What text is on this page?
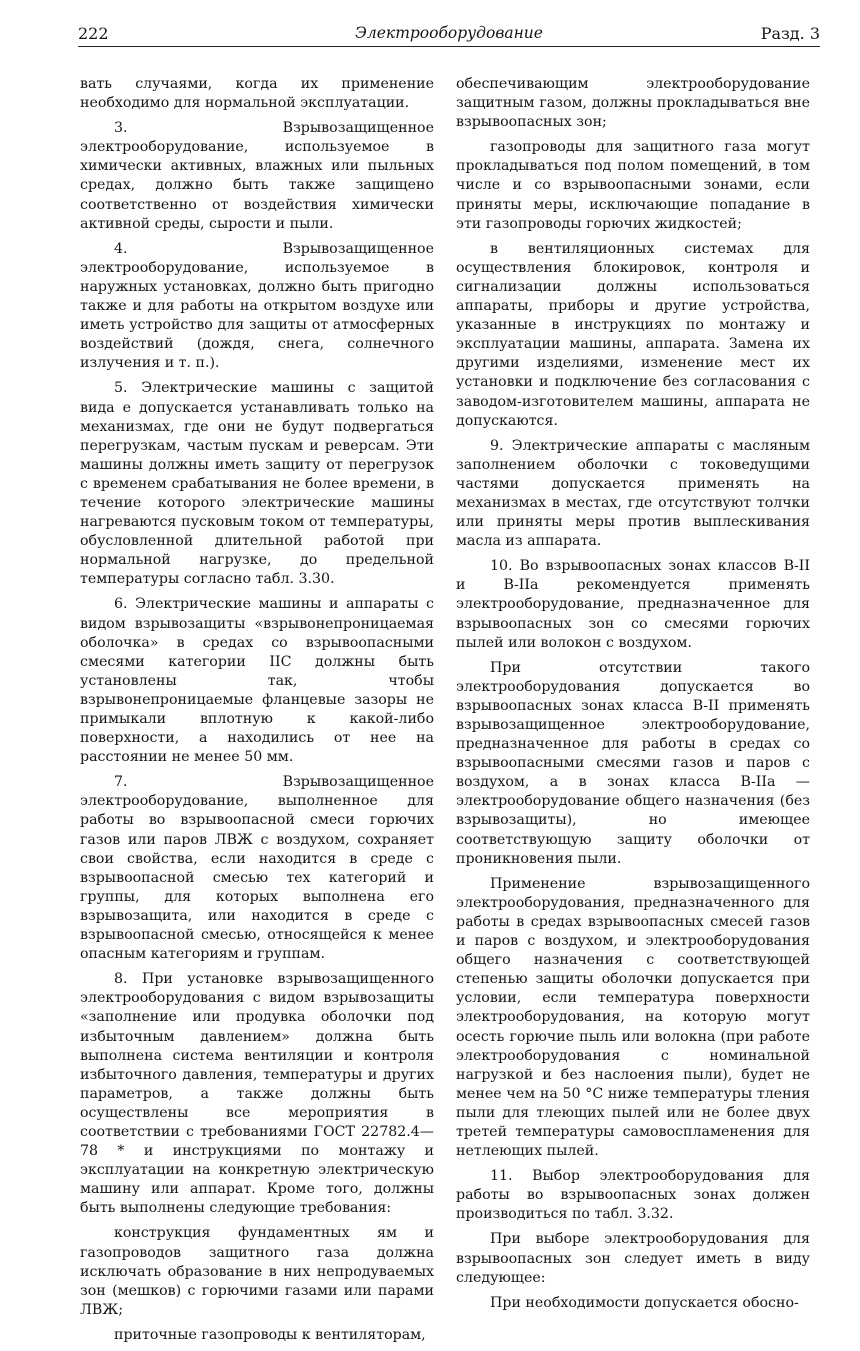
222	Электрооборудование	Разд. 3

вать случаями, когда их применение необходимо для нормальной эксплуатации.

3. Взрывозащищенное электрооборудование, используемое в химически активных, влажных или пыльных средах, должно быть также защищено соответственно от воздействия химически активной среды, сырости и пыли.

4. Взрывозащищенное электрооборудование, используемое в наружных установках, должно быть пригодно также и для работы на открытом воздухе или иметь устройство для защиты от атмосферных воздействий (дождя, снега, солнечного излучения и т. п.).

5. Электрические машины с защитой вида е допускается устанавливать только на механизмах, где они не будут подвергаться перегрузкам, частым пускам и реверсам. Эти машины должны иметь защиту от перегрузок с временем срабатывания не более времени, в течение которого электрические машины нагреваются пусковым током от температуры, обусловленной длительной работой при нормальной нагрузке, до предельной температуры согласно табл. 3.30.

6. Электрические машины и аппараты с видом взрывозащиты «взрывонепроницаемая оболочка» в средах со взрывоопасными смесями категории IIC должны быть установлены так, чтобы взрывонепроницаемые фланцевые зазоры не примыкали вплотную к какой-либо поверхности, а находились от нее на расстоянии не менее 50 мм.

7. Взрывозащищенное электрооборудование, выполненное для работы во взрывоопасной смеси горючих газов или паров ЛВЖ с воздухом, сохраняет свои свойства, если находится в среде с взрывоопасной смесью тех категорий и группы, для которых выполнена его взрывозащита, или находится в среде с взрывоопасной смесью, относящейся к менее опасным категориям и группам.

8. При установке взрывозащищенного электрооборудования с видом взрывозащиты «заполнение или продувка оболочки под избыточным давлением» должна быть выполнена система вентиляции и контроля избыточного давления, температуры и других параметров, а также должны быть осуществлены все мероприятия в соответствии с требованиями ГОСТ 22782.4—78 * и инструкциями по монтажу и эксплуатации на конкретную электрическую машину или аппарат. Кроме того, должны быть выполнены следующие требования:

конструкция фундаментных ям и газопроводов защитного газа должна исключать образование в них непродуваемых зон (мешков) с горючими газами или парами ЛВЖ;

приточные газопроводы к вентиляторам,

обеспечивающим электрооборудование защитным газом, должны прокладываться вне взрывоопасных зон;

газопроводы для защитного газа могут прокладываться под полом помещений, в том числе и со взрывоопасными зонами, если приняты меры, исключающие попадание в эти газопроводы горючих жидкостей;

в вентиляционных системах для осуществления блокировок, контроля и сигнализации должны использоваться аппараты, приборы и другие устройства, указанные в инструкциях по монтажу и эксплуатации машины, аппарата. Замена их другими изделиями, изменение мест их установки и подключение без согласования с заводом-изготовителем машины, аппарата не допускаются.

9. Электрические аппараты с масляным заполнением оболочки с токоведущими частями допускается применять на механизмах в местах, где отсутствуют толчки или приняты меры против выплескивания масла из аппарата.

10. Во взрывоопасных зонах классов В-II и В-IIа рекомендуется применять электрооборудование, предназначенное для взрывоопасных зон со смесями горючих пылей или волокон с воздухом.

При отсутствии такого электрооборудования допускается во взрывоопасных зонах класса В-II применять взрывозащищенное электрооборудование, предназначенное для работы в средах со взрывоопасными смесями газов и паров с воздухом, а в зонах класса В-IIа — электрооборудование общего назначения (без взрывозащиты), но имеющее соответствующую защиту оболочки от проникновения пыли.

Применение взрывозащищенного электрооборудования, предназначенного для работы в средах взрывоопасных смесей газов и паров с воздухом, и электрооборудования общего назначения с соответствующей степенью защиты оболочки допускается при условии, если температура поверхности электрооборудования, на которую могут осесть горючие пыль или волокна (при работе электрооборудования с номинальной нагрузкой и без наслоения пыли), будет не менее чем на 50 °С ниже температуры тления пыли для тлеющих пылей или не более двух третей температуры самовоспламенения для нетлеющих пылей.

11. Выбор электрооборудования для работы во взрывоопасных зонах должен производиться по табл. 3.32.

При выборе электрооборудования для взрывоопасных зон следует иметь в виду следующее:

При необходимости допускается обосно-
